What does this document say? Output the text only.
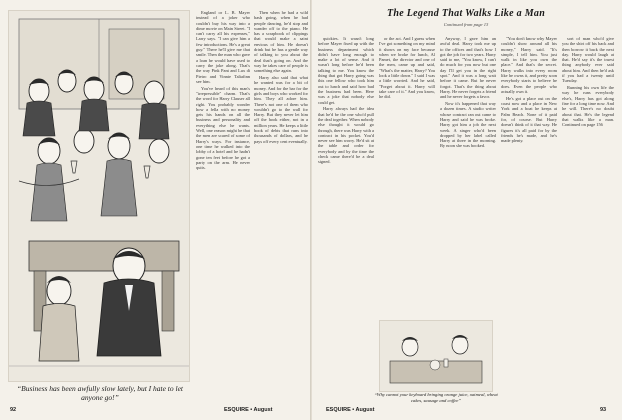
“Business has been awfully slow lately, but I hate to let anyone go!”

England or L. B. Mayer instead of a joker who couldn't buy his way into a dime movie on Main Street. "I can't carry all his expenses," Larry says. "I can give him a few introductions. He's a great guy." There he'll give me that smile. Then the man who gave a loan he would have used to carry the joke along. That's the way Pink Pant and Lux di Pietro and Vinnie Taliafinn see him.

You've heard of this man's "irrepressible" charm. That's the word for Harry Clauser all right. You probably wonder how a fella with no money gets his hands on all the business and personality and everything else he wants. Well, one reason might be that the men are scared of some of Harry's ways. For instance, one time he walked into the lobby of a hotel and he hadn't gone ten feet before he got a party on the arm. He never quits.

Then when he had a wild bash going, when he had people dancing, he'd stop and wander off to the piano. He has a scrapbook of clippings that would make a saint envious of him. He doesn't drink but he has a gentle way of talking to you about the deal that's going on. And the way he takes care of people is something else again.

Harry also said that what he wanted was for a bit of money. And for the bar for the girls and boys who worked for him. They all adore him. There's not one of them who wouldn't go to the wall for Harry. But they never let him off the hook either, not in a million years. He keeps a little book of debts that runs into thousands of dollars, and he pays off every cent eventually.

The Legend That Walks Like a Man
Continued from page 13

quickies. It wasn't long before Mayer fixed up with the business department which didn't have long enough to make a lot of sense. And it wasn't long before he'd been talking to me. You know the thing that got Harry going was this one fellow who took him out to lunch and said how bad the business had been. Here was a joke that nobody else could get.

Harry always had the idea that he'd be the one who'd pull the deal together. When nobody else thought it would go through, there was Harry with a contract in his pocket. You'd never see him worry. He'd sit at the table and order for everybody and by the time the check came there'd be a deal signed.

or the act. And I guess when I've got something on my mind it shows on my face because when we broke for lunch, Al Pamet, the director and one of the men, came up and said, "What's the matter, Harry? You look a little down." I said I was a little worried. And he said, "Forget about it. Harry will take care of it." And you know, he did.

Anyway, I gave him an awful deal. Harry took me up to the offices and that's how I got the job for two years. Harry said to me, "You know, I can't do much for you now but one day I'll get you in the right spot." And it was a long wait before it came. But he never forgot. That's the thing about Harry. He never forgets a friend and he never forgets a favor.

Now it's happened that way a dozen times. A studio writer whose contract ran out came to Harry and said he was broke. Harry got him a job the next week. A singer who'd been dropped by her label called Harry at three in the morning. By noon she was booked.

"You don't know why Mayer couldn't show around all his money," Harry said. "It's simple, I tell him. You just walk in like you own the place." And that's the secret. Harry walks into every room like he owns it, and pretty soon everybody starts to believe he does. Even the people who actually own it.

He's got a place out on the coast now and a place in New York and a boat he keeps at Palm Beach. None of it paid for, of course. But Harry doesn't think of it that way. He figures it's all paid for by the friends he's made, and he's made plenty.

sort of man who'd give you the shirt off his back and then borrow it back the next day. Harry would laugh at that. He'd say it's the truest thing anybody ever said about him. And then he'd ask if you had a twenty until Tuesday.

Running his own life the way he runs everybody else's, Harry has got along fine for a long time now. And he will. There's no doubt about that. He's the legend that walks like a man. Continued on page 156

“Why cannot your keyboard bringing orange juice, oatmeal, wheat cakes, sausage and coffee”
92	ESQUIRE • August	ESQUIRE • August	93
